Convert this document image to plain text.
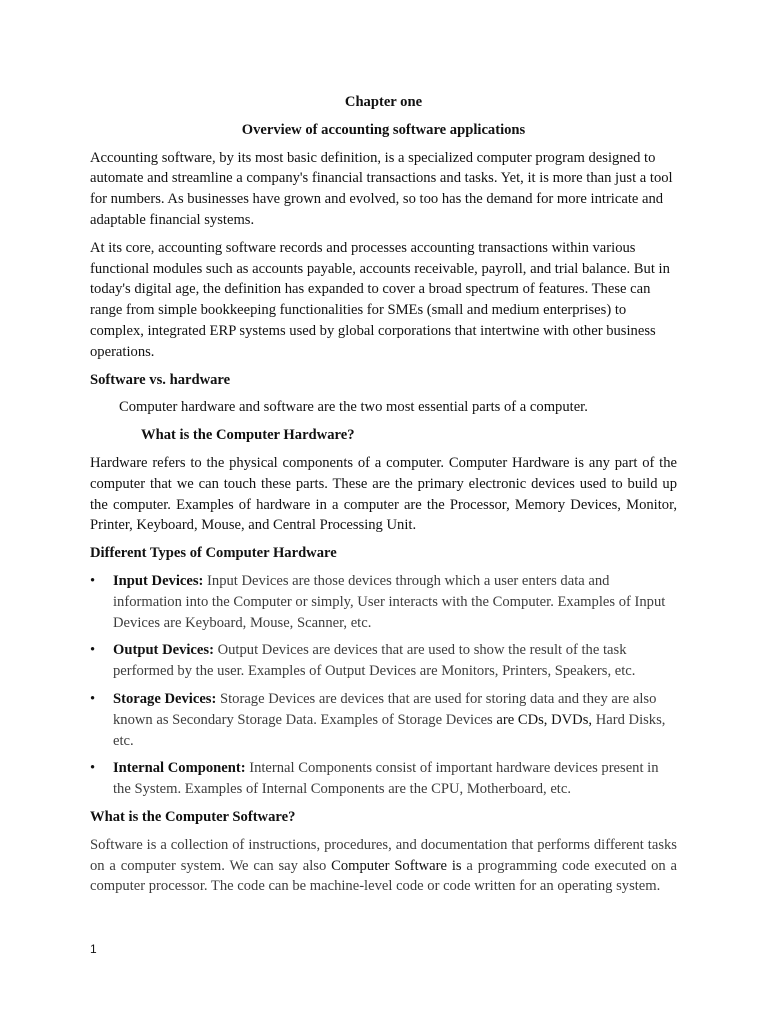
Chapter one
Overview of accounting software applications

Accounting software, by its most basic definition, is a specialized computer program designed to automate and streamline a company's financial transactions and tasks. Yet, it is more than just a tool for numbers. As businesses have grown and evolved, so too has the demand for more intricate and adaptable financial systems.

At its core, accounting software records and processes accounting transactions within various functional modules such as accounts payable, accounts receivable, payroll, and trial balance. But in today's digital age, the definition has expanded to cover a broad spectrum of features. These can range from simple bookkeeping functionalities for SMEs (small and medium enterprises) to complex, integrated ERP systems used by global corporations that intertwine with other business operations.

Software vs. hardware
Computer hardware and software are the two most essential parts of a computer.
What is the Computer Hardware?

Hardware refers to the physical components of a computer. Computer Hardware is any part of the computer that we can touch these parts. These are the primary electronic devices used to build up the computer. Examples of hardware in a computer are the Processor, Memory Devices, Monitor, Printer, Keyboard, Mouse, and Central Processing Unit.

Different Types of Computer Hardware
• Input Devices: Input Devices are those devices through which a user enters data and information into the Computer or simply, User interacts with the Computer. Examples of Input Devices are Keyboard, Mouse, Scanner, etc.
• Output Devices: Output Devices are devices that are used to show the result of the task performed by the user. Examples of Output Devices are Monitors, Printers, Speakers, etc.
• Storage Devices: Storage Devices are devices that are used for storing data and they are also known as Secondary Storage Data. Examples of Storage Devices are CDs, DVDs, Hard Disks, etc.
• Internal Component: Internal Components consist of important hardware devices present in the System. Examples of Internal Components are the CPU, Motherboard, etc.
What is the Computer Software?

Software is a collection of instructions, procedures, and documentation that performs different tasks on a computer system. We can say also Computer Software is a programming code executed on a computer processor. The code can be machine-level code or code written for an operating system.

1
